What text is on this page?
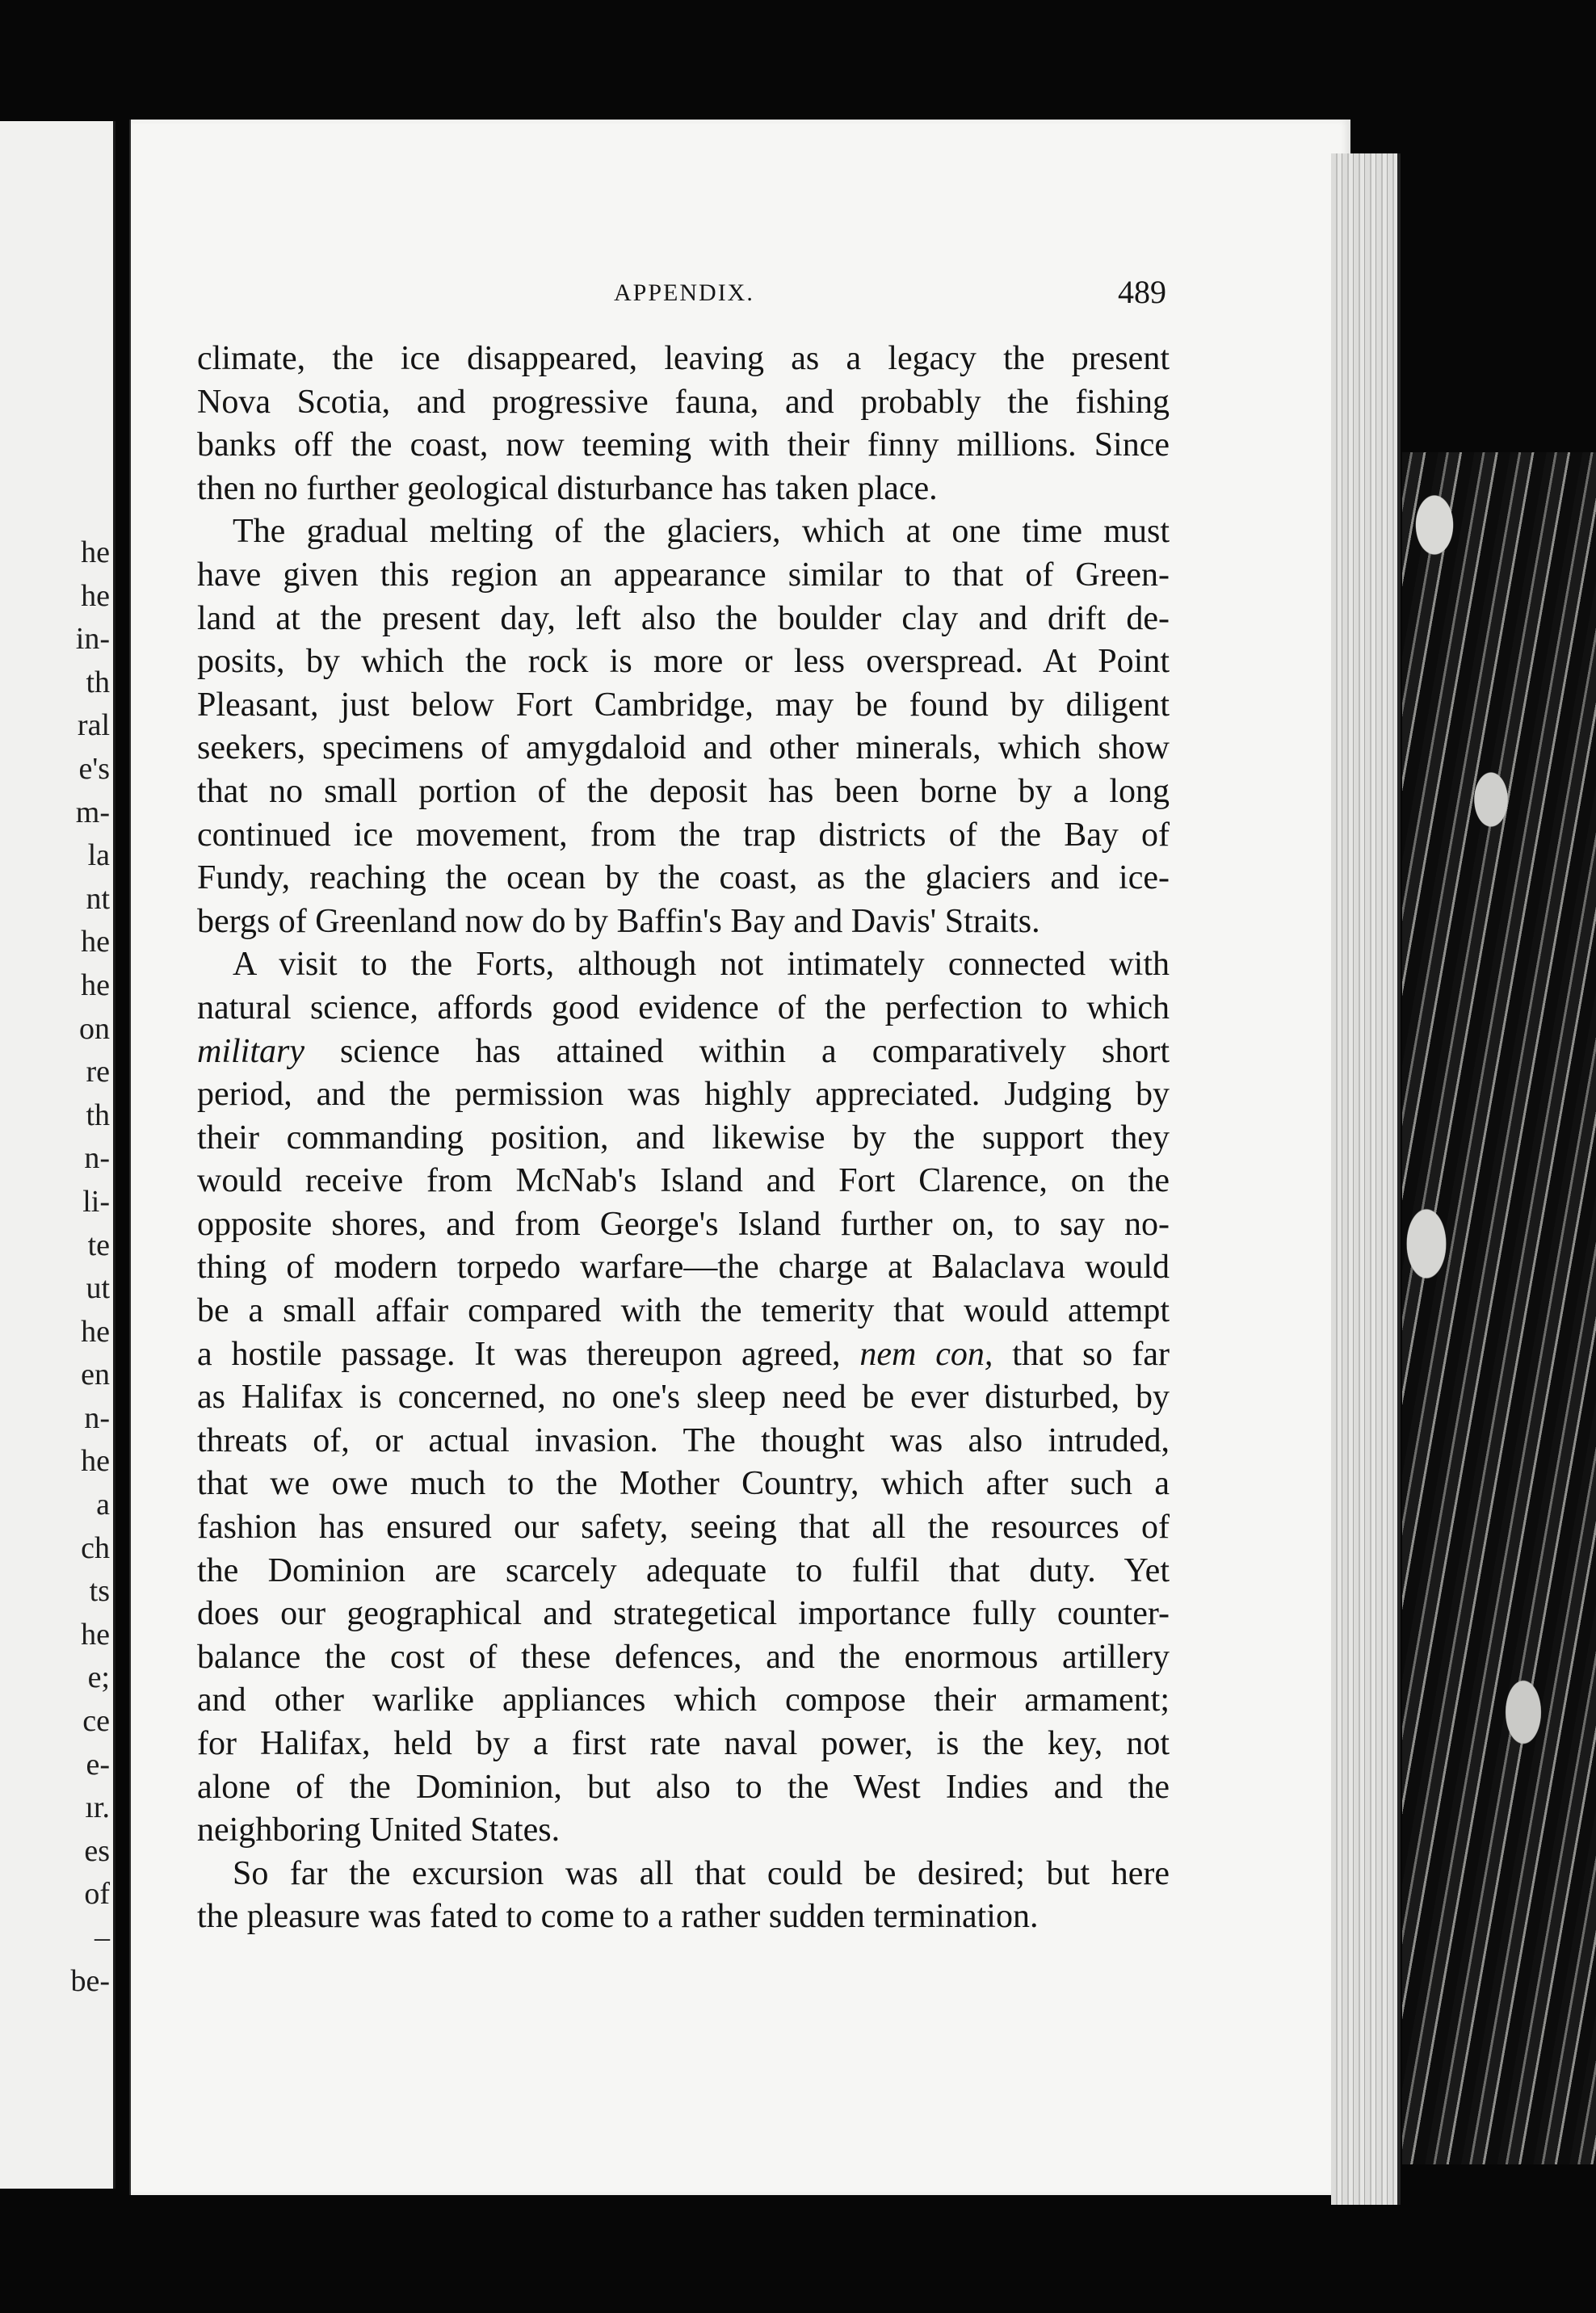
he
he
in-
th
ral
e's
m-
la
nt
he
he
on
re
th
n-
li-
te
ut
he
en
n-
he
a
ch
ts
he
e;
ce
e-
ır.
es
of
–
be-
APPENDIX.	489
climate, the ice disappeared, leaving as a legacy the present
Nova Scotia, and progressive fauna, and probably the fishing
banks off the coast, now teeming with their finny millions. Since
then no further geological disturbance has taken place.
The gradual melting of the glaciers, which at one time must
have given this region an appearance similar to that of Green-
land at the present day, left also the boulder clay and drift de-
posits, by which the rock is more or less overspread. At Point
Pleasant, just below Fort Cambridge, may be found by diligent
seekers, specimens of amygdaloid and other minerals, which show
that no small portion of the deposit has been borne by a long
continued ice movement, from the trap districts of the Bay of
Fundy, reaching the ocean by the coast, as the glaciers and ice-
bergs of Greenland now do by Baffin's Bay and Davis' Straits.
A visit to the Forts, although not intimately connected with
natural science, affords good evidence of the perfection to which
military science has attained within a comparatively short
period, and the permission was highly appreciated. Judging by
their commanding position, and likewise by the support they
would receive from McNab's Island and Fort Clarence, on the
opposite shores, and from George's Island further on, to say no-
thing of modern torpedo warfare—the charge at Balaclava would
be a small affair compared with the temerity that would attempt
a hostile passage. It was thereupon agreed, nem con, that so far
as Halifax is concerned, no one's sleep need be ever disturbed, by
threats of, or actual invasion. The thought was also intruded,
that we owe much to the Mother Country, which after such a
fashion has ensured our safety, seeing that all the resources of
the Dominion are scarcely adequate to fulfil that duty. Yet
does our geographical and strategetical importance fully counter-
balance the cost of these defences, and the enormous artillery
and other warlike appliances which compose their armament;
for Halifax, held by a first rate naval power, is the key, not
alone of the Dominion, but also to the West Indies and the
neighboring United States.
So far the excursion was all that could be desired; but here
the pleasure was fated to come to a rather sudden termination.
